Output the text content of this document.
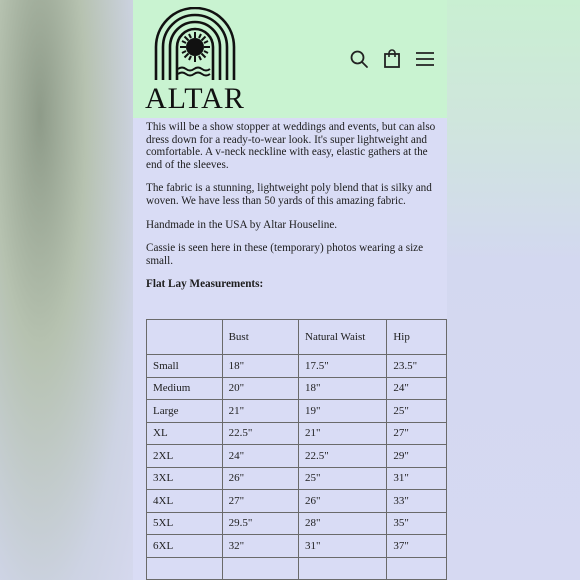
ALTAR

This will be a show stopper at weddings and events, but can also dress down for a ready-to-wear look. It's super lightweight and comfortable. A v-neck neckline with easy, elastic gathers at the end of the sleeves.

The fabric is a stunning, lightweight poly blend that is silky and woven. We have less than 50 yards of this amazing fabric.

Handmade in the USA by Altar Houseline.

Cassie is seen here in these (temporary) photos wearing a size small.

Flat Lay Measurements:

	Bust	Natural Waist	Hip
Small	18"	17.5"	23.5"
Medium	20"	18"	24"
Large	21"	19"	25"
XL	22.5"	21"	27"
2XL	24"	22.5"	29"
3XL	26"	25"	31"
4XL	27"	26"	33"
5XL	29.5"	28"	35"
6XL	32"	31"	37"
